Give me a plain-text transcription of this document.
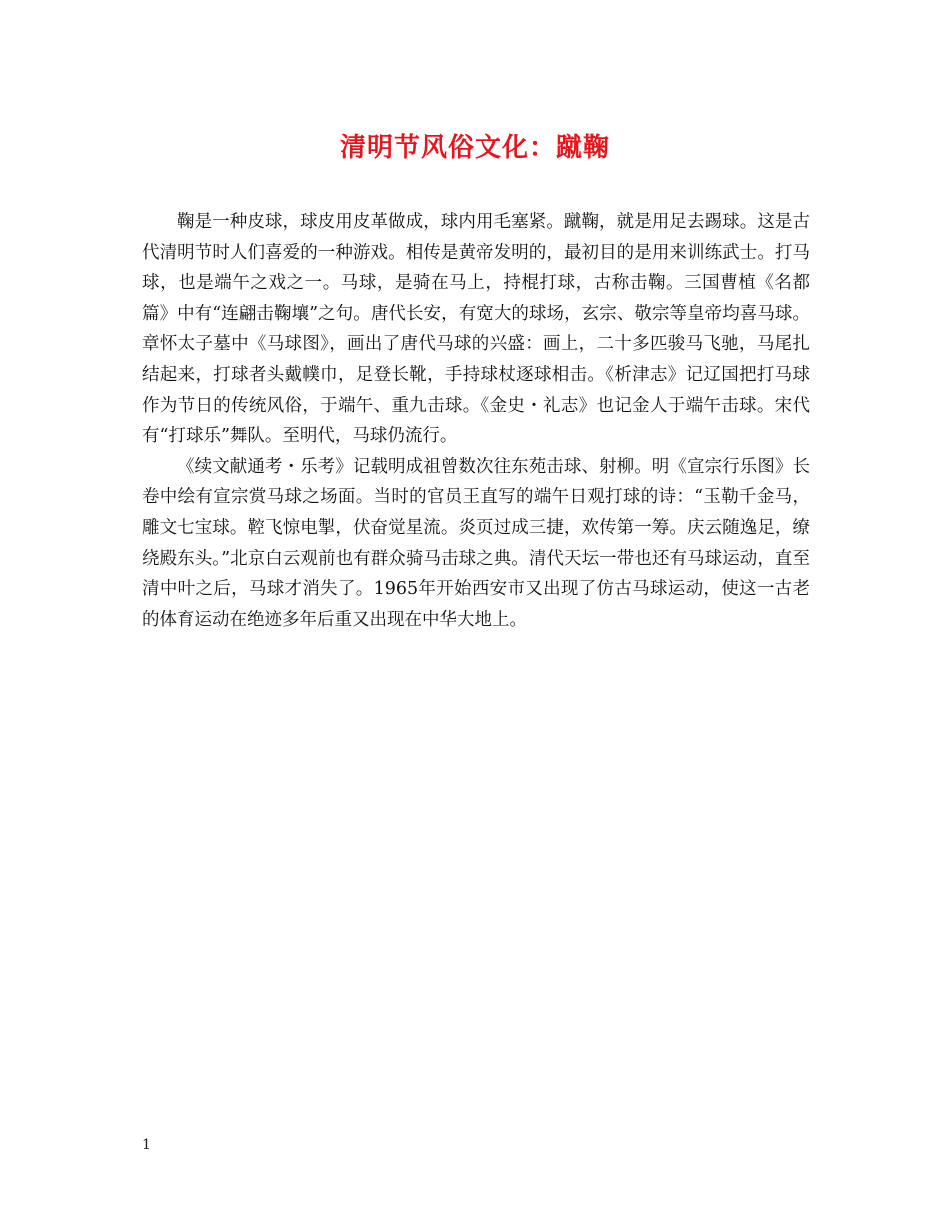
清明节风俗文化：蹴鞠

鞠是一种皮球，球皮用皮革做成，球内用毛塞紧。蹴鞠，就是用足去踢球。这是古代清明节时人们喜爱的一种游戏。相传是黄帝发明的，最初目的是用来训练武士。打马球，也是端午之戏之一。马球，是骑在马上，持棍打球，古称击鞠。三国曹植《名都篇》中有“连翩击鞠壤”之句。唐代长安，有宽大的球场，玄宗、敬宗等皇帝均喜马球。章怀太子墓中《马球图》，画出了唐代马球的兴盛：画上，二十多匹骏马飞驰，马尾扎结起来，打球者头戴幞巾，足登长靴，手持球杖逐球相击。《析津志》记辽国把打马球作为节日的传统风俗，于端午、重九击球。《金史・礼志》也记金人于端午击球。宋代有“打球乐”舞队。至明代，马球仍流行。

《续文献通考・乐考》记载明成祖曾数次往东苑击球、射柳。明《宣宗行乐图》长卷中绘有宣宗赏马球之场面。当时的官员王直写的端午日观打球的诗：“玉勒千金马，雕文七宝球。鞚飞惊电掣，伏奋觉星流。炎页过成三捷，欢传第一筹。庆云随逸足，缭绕殿东头。”北京白云观前也有群众骑马击球之典。清代天坛一带也还有马球运动，直至清中叶之后，马球才消失了。1965年开始西安市又出现了仿古马球运动，使这一古老的体育运动在绝迹多年后重又出现在中华大地上。

1
